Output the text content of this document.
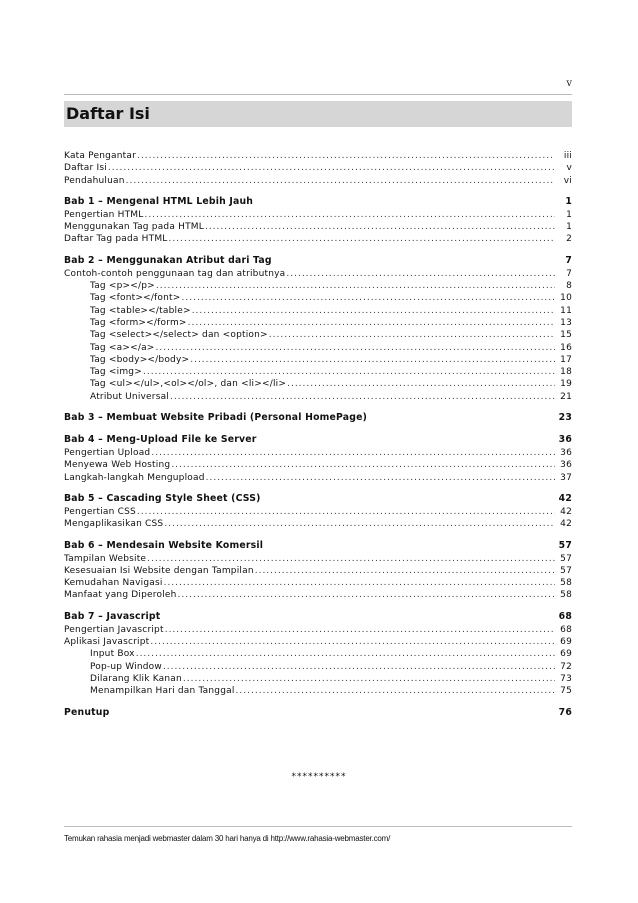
v
Daftar Isi
Kata Pengantar .....	iii
Daftar Isi .....	v
Pendahuluan .....	vi
Bab 1 – Mengenal HTML Lebih Jauh	1
Pengertian HTML .....	1
Menggunakan Tag pada HTML .....	1
Daftar Tag pada HTML .....	2
Bab 2 – Menggunakan Atribut dari Tag	7
Contoh-contoh penggunaan tag dan atributnya .....	7
Tag <p></p> .....	8
Tag <font></font> .....	10
Tag <table></table> .....	11
Tag <form></form> .....	13
Tag <select></select> dan <option> .....	15
Tag <a></a> .....	16
Tag <body></body> .....	17
Tag <img> .....	18
Tag <ul></ul>,<ol></ol>, dan <li></li> .....	19
Atribut Universal .....	21
Bab 3 – Membuat Website Pribadi (Personal HomePage)	23
Bab 4 – Meng-Upload File ke Server	36
Pengertian Upload .....	36
Menyewa Web Hosting .....	36
Langkah-langkah Mengupload .....	37
Bab 5 – Cascading Style Sheet (CSS)	42
Pengertian CSS .....	42
Mengaplikasikan CSS .....	42
Bab 6 – Mendesain Website Komersil	57
Tampilan Website .....	57
Kesesuaian Isi Website dengan Tampilan .....	57
Kemudahan Navigasi .....	58
Manfaat yang Diperoleh .....	58
Bab 7 – Javascript	68
Pengertian Javascript .....	68
Aplikasi Javascript .....	69
Input Box .....	69
Pop-up Window .....	72
Dilarang Klik Kanan .....	73
Menampilkan Hari dan Tanggal .....	75
Penutup	76
**********
Temukan rahasia menjadi webmaster dalam 30 hari hanya di http://www.rahasia-webmaster.com/
